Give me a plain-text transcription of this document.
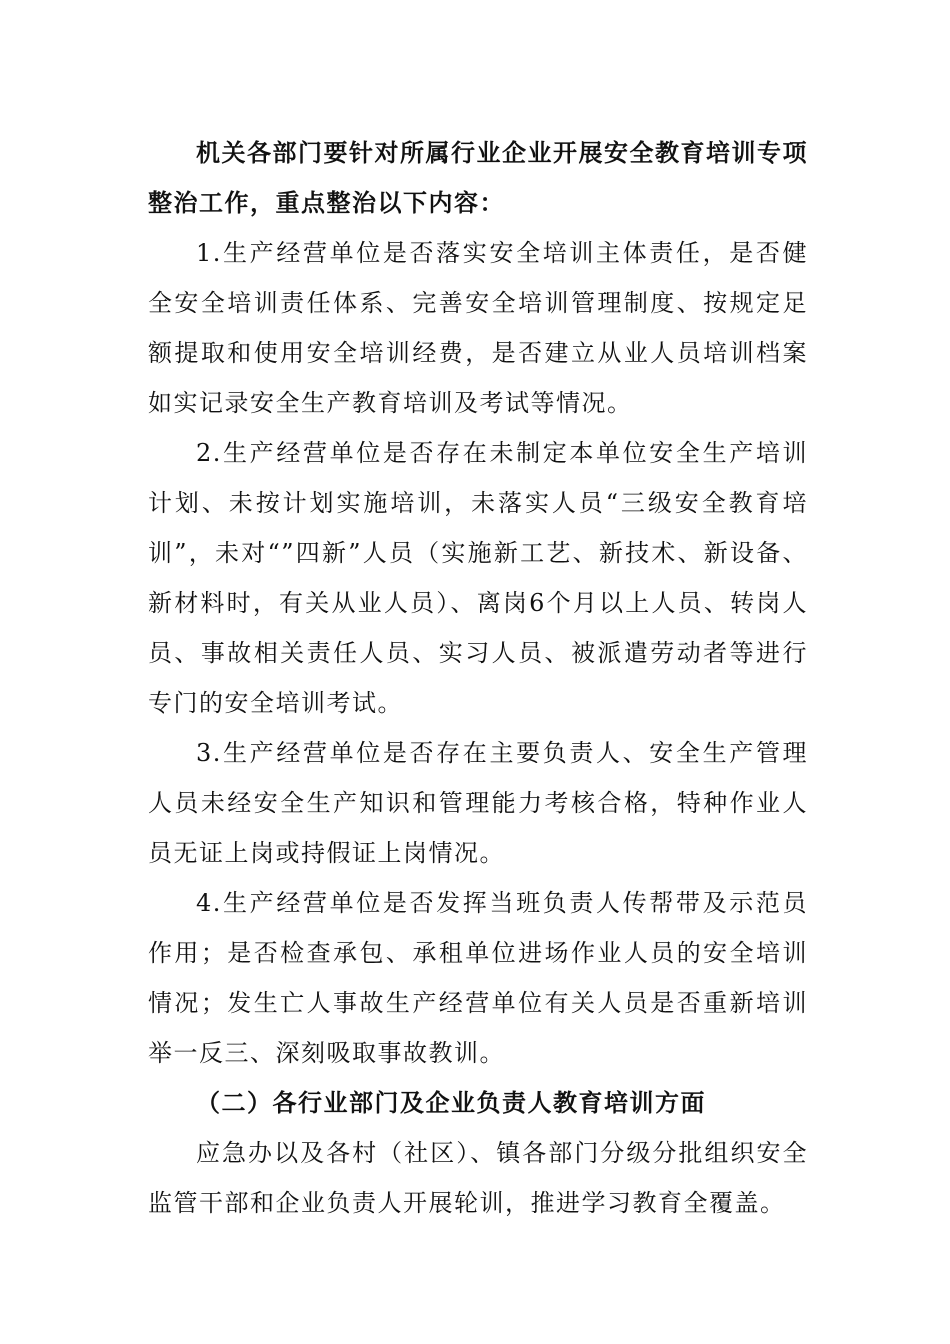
机关各部门要针对所属行业企业开展安全教育培训专项整治工作，重点整治以下内容：

1.生产经营单位是否落实安全培训主体责任，是否健全安全培训责任体系、完善安全培训管理制度、按规定足额提取和使用安全培训经费，是否建立从业人员培训档案如实记录安全生产教育培训及考试等情况。

2.生产经营单位是否存在未制定本单位安全生产培训计划、未按计划实施培训，未落实人员“三级安全教育培训”，未对“”四新”人员（实施新工艺、新技术、新设备、新材料时，有关从业人员）、离岗6个月以上人员、转岗人员、事故相关责任人员、实习人员、被派遣劳动者等进行专门的安全培训考试。

3.生产经营单位是否存在主要负责人、安全生产管理人员未经安全生产知识和管理能力考核合格，特种作业人员无证上岗或持假证上岗情况。

4.生产经营单位是否发挥当班负责人传帮带及示范员作用；是否检查承包、承租单位进场作业人员的安全培训情况；发生亡人事故生产经营单位有关人员是否重新培训举一反三、深刻吸取事故教训。

（二）各行业部门及企业负责人教育培训方面

应急办以及各村（社区）、镇各部门分级分批组织安全监管干部和企业负责人开展轮训，推进学习教育全覆盖。
